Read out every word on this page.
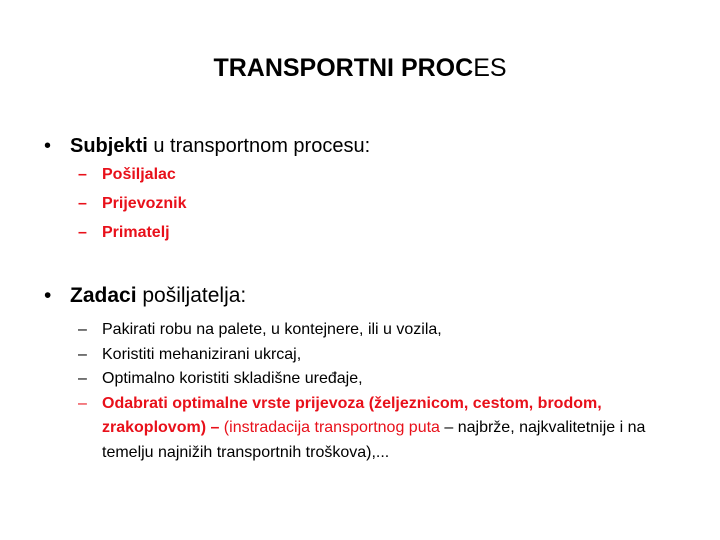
TRANSPORTNI PROCES
• Subjekti u transportnom procesu:
– Pošiljalac
– Prijevoznik
– Primatelj
• Zadaci pošiljatelja:
– Pakirati robu na palete, u kontejnere, ili u vozila,
– Koristiti mehanizirani ukrcaj,
– Optimalno koristiti skladišne uređaje,
– Odabrati optimalne vrste prijevoza (željeznicom, cestom, brodom, zrakoplovom) – (instradacija transportnog puta – najbrže, najkvalitetnije i na temelju najnižih transportnih troškova),...
